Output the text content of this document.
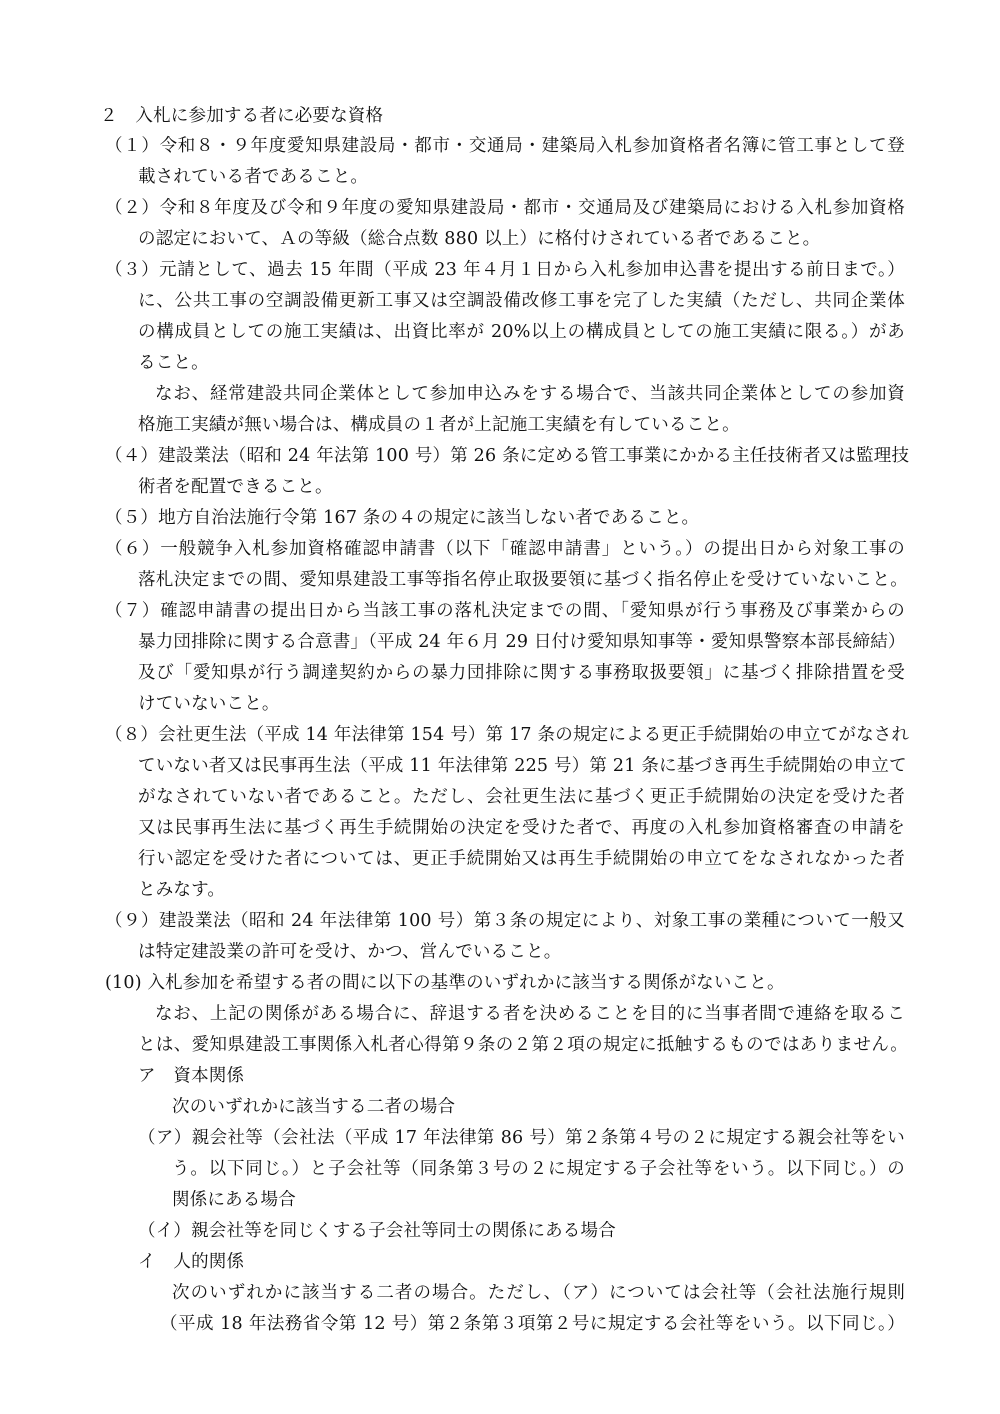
２　入札に参加する者に必要な資格
（１）令和８・９年度愛知県建設局・都市・交通局・建築局入札参加資格者名簿に管工事として登
載されている者であること。
（２）令和８年度及び令和９年度の愛知県建設局・都市・交通局及び建築局における入札参加資格
の認定において、Ａの等級（総合点数 880 以上）に格付けされている者であること。
（３）元請として、過去 15 年間（平成 23 年４月１日から入札参加申込書を提出する前日まで。）
に、公共工事の空調設備更新工事又は空調設備改修工事を完了した実績（ただし、共同企業体
の構成員としての施工実績は、出資比率が 20%以上の構成員としての施工実績に限る。）があ
ること。
なお、経常建設共同企業体として参加申込みをする場合で、当該共同企業体としての参加資
格施工実績が無い場合は、構成員の１者が上記施工実績を有していること。
（４）建設業法（昭和 24 年法第 100 号）第 26 条に定める管工事業にかかる主任技術者又は監理技
術者を配置できること。
（５）地方自治法施行令第 167 条の４の規定に該当しない者であること。
（６）一般競争入札参加資格確認申請書（以下「確認申請書」という。）の提出日から対象工事の
落札決定までの間、愛知県建設工事等指名停止取扱要領に基づく指名停止を受けていないこと。
（７）確認申請書の提出日から当該工事の落札決定までの間、「愛知県が行う事務及び事業からの
暴力団排除に関する合意書」（平成 24 年６月 29 日付け愛知県知事等・愛知県警察本部長締結）
及び「愛知県が行う調達契約からの暴力団排除に関する事務取扱要領」に基づく排除措置を受
けていないこと。
（８）会社更生法（平成 14 年法律第 154 号）第 17 条の規定による更正手続開始の申立てがなされ
ていない者又は民事再生法（平成 11 年法律第 225 号）第 21 条に基づき再生手続開始の申立て
がなされていない者であること。ただし、会社更生法に基づく更正手続開始の決定を受けた者
又は民事再生法に基づく再生手続開始の決定を受けた者で、再度の入札参加資格審査の申請を
行い認定を受けた者については、更正手続開始又は再生手続開始の申立てをなされなかった者
とみなす。
（９）建設業法（昭和 24 年法律第 100 号）第３条の規定により、対象工事の業種について一般又
は特定建設業の許可を受け、かつ、営んでいること。
(10) 入札参加を希望する者の間に以下の基準のいずれかに該当する関係がないこと。
なお、上記の関係がある場合に、辞退する者を決めることを目的に当事者間で連絡を取るこ
とは、愛知県建設工事関係入札者心得第９条の２第２項の規定に抵触するものではありません。
ア　資本関係
次のいずれかに該当する二者の場合
（ア）親会社等（会社法（平成 17 年法律第 86 号）第２条第４号の２に規定する親会社等をい
う。以下同じ。）と子会社等（同条第３号の２に規定する子会社等をいう。以下同じ。）の
関係にある場合
（イ）親会社等を同じくする子会社等同士の関係にある場合
イ　人的関係
次のいずれかに該当する二者の場合。ただし、（ア）については会社等（会社法施行規則
（平成 18 年法務省令第 12 号）第２条第３項第２号に規定する会社等をいう。以下同じ。）
